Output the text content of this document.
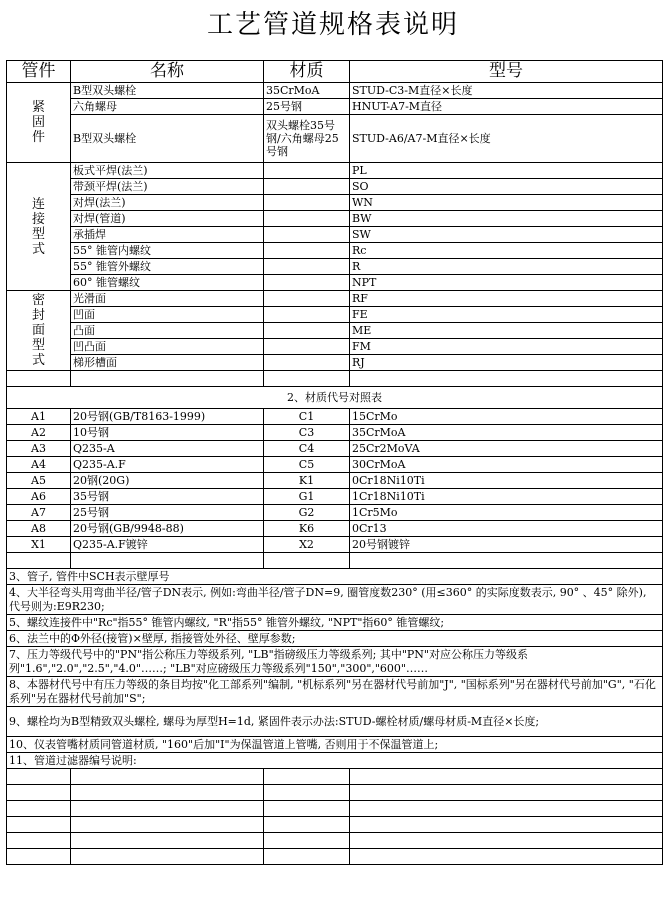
工艺管道规格表说明
管件	名称	材质	型号
紧
固
件	B型双头螺栓	35CrMoA	STUD-C3-M直径×长度
	六角螺母	25号钢	HNUT-A7-M直径
	B型双头螺栓	双头螺栓35号钢/六角螺母25号钢	STUD-A6/A7-M直径×长度
连
接
型
式	板式平焊(法兰)		PL
	带颈平焊(法兰)		SO
	对焊(法兰)		WN
	对焊(管道)		BW
	承插焊		SW
	55° 锥管内螺纹		Rc
	55° 锥管外螺纹		R
	60° 锥管螺纹		NPT
密
封
面
型
式	光滑面		RF
	凹面		FE
	凸面		ME
	凹凸面		FM
	梯形槽面		RJ

2、材质代号对照表			
A1	20号钢(GB/T8163-1999)	C1	15CrMo
A2	10号钢	C3	35CrMoA
A3	Q235-A	C4	25Cr2MoVA
A4	Q235-A.F	C5	30CrMoA
A5	20钢(20G)	K1	0Cr18Ni10Ti
A6	35号钢	G1	1Cr18Ni10Ti
A7	25号钢	G2	1Cr5Mo
A8	20号钢(GB/9948-88)	K6	0Cr13
X1	Q235-A.F镀锌	X2	20号钢镀锌

3、管子, 管件中SCH表示壁厚号			
4、大半径弯头用弯曲半径/管子DN表示, 例如:弯曲半径/管子DN=9, 圈管度数230° (用≤360° 的实际度数表示, 90° 、45° 除外), 代号则为:E9R230;			
5、螺纹连接件中"Rc"指55° 锥管内螺纹, "R"指55° 锥管外螺纹, "NPT"指60° 锥管螺纹;			
6、法兰中的Φ外径(接管)×壁厚, 指接管处外径、壁厚参数;			
7、压力等级代号中的"PN"指公称压力等级系列, "LB"指磅级压力等级系列; 其中"PN"对应公称压力等级系列"1.6","2.0","2.5","4.0"……; "LB"对应磅级压力等级系列"150","300","600"……			
8、本器材代号中有压力等级的条目均按"化工部系列"编制, "机标系列"另在器材代号前加"J", "国标系列"另在器材代号前加"G", "石化系列"另在器材代号前加"S";			
9、螺栓均为B型精致双头螺栓, 螺母为厚型H=1d, 紧固件表示办法:STUD-螺栓材质/螺母材质-M直径×长度;			
10、仪表管嘴材质同管道材质, "160"后加"I"为保温管道上管嘴, 否则用于不保温管道上;			
11、管道过滤器编号说明:			
